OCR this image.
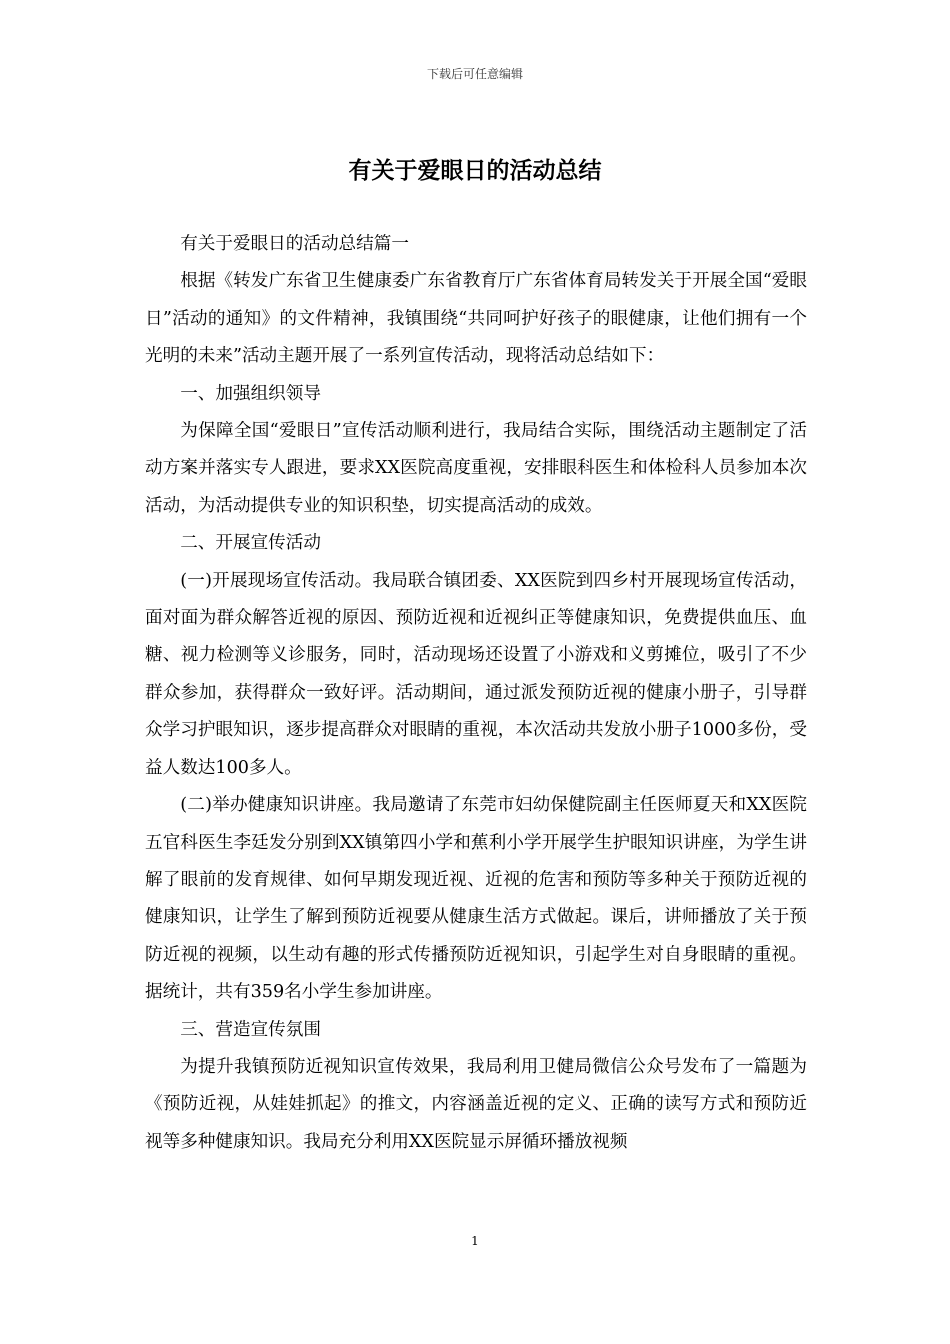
下载后可任意编辑
有关于爱眼日的活动总结

有关于爱眼日的活动总结篇一

根据《转发广东省卫生健康委广东省教育厅广东省体育局转发关于开展全国“爱眼日”活动的通知》的文件精神，我镇围绕“共同呵护好孩子的眼健康，让他们拥有一个光明的未来”活动主题开展了一系列宣传活动，现将活动总结如下：

一、加强组织领导

为保障全国“爱眼日”宣传活动顺利进行，我局结合实际，围绕活动主题制定了活动方案并落实专人跟进，要求XX医院高度重视，安排眼科医生和体检科人员参加本次活动，为活动提供专业的知识积垫，切实提高活动的成效。

二、开展宣传活动

(一)开展现场宣传活动。我局联合镇团委、XX医院到四乡村开展现场宣传活动，面对面为群众解答近视的原因、预防近视和近视纠正等健康知识，免费提供血压、血糖、视力检测等义诊服务，同时，活动现场还设置了小游戏和义剪摊位，吸引了不少群众参加，获得群众一致好评。活动期间，通过派发预防近视的健康小册子，引导群众学习护眼知识，逐步提高群众对眼睛的重视，本次活动共发放小册子1000多份，受益人数达100多人。

(二)举办健康知识讲座。我局邀请了东莞市妇幼保健院副主任医师夏天和XX医院五官科医生李廷发分别到XX镇第四小学和蕉利小学开展学生护眼知识讲座，为学生讲解了眼前的发育规律、如何早期发现近视、近视的危害和预防等多种关于预防近视的健康知识，让学生了解到预防近视要从健康生活方式做起。课后，讲师播放了关于预防近视的视频，以生动有趣的形式传播预防近视知识，引起学生对自身眼睛的重视。据统计，共有359名小学生参加讲座。

三、营造宣传氛围

为提升我镇预防近视知识宣传效果，我局利用卫健局微信公众号发布了一篇题为《预防近视，从娃娃抓起》的推文，内容涵盖近视的定义、正确的读写方式和预防近视等多种健康知识。我局充分利用XX医院显示屏循环播放视频

1
